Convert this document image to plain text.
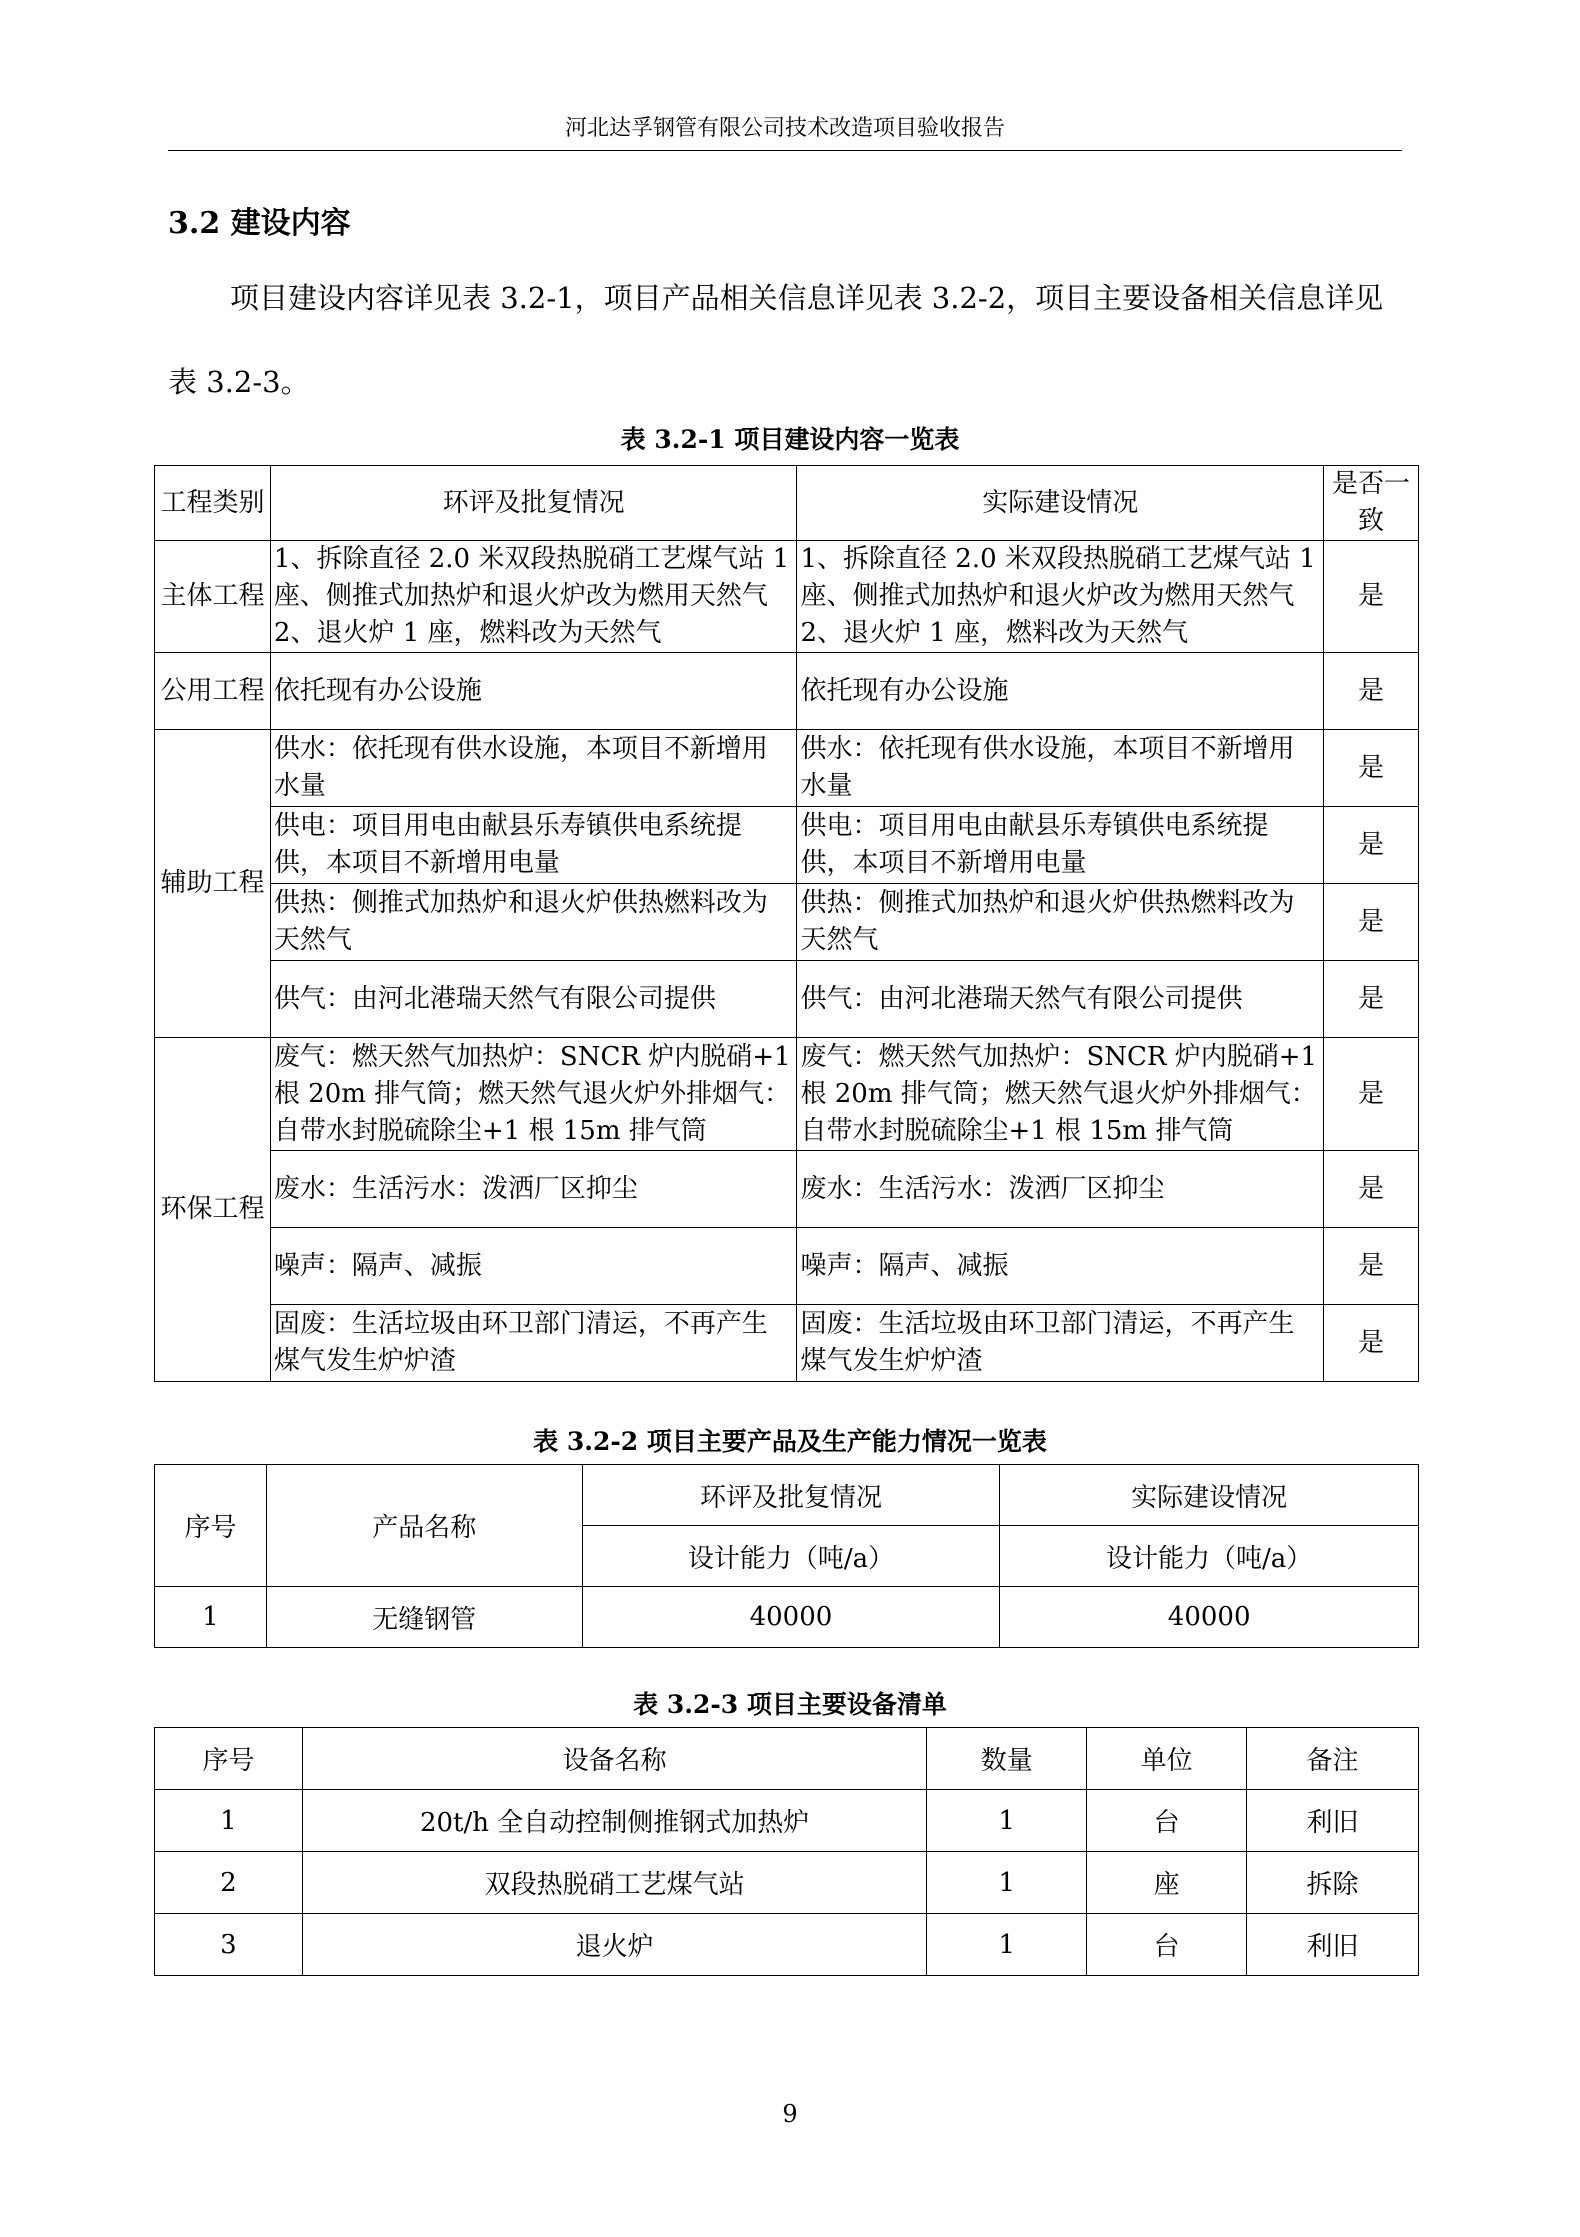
河北达孚钢管有限公司技术改造项目验收报告
3.2 建设内容
项目建设内容详见表 3.2-1，项目产品相关信息详见表 3.2-2，项目主要设备相关信息详见表 3.2-3。
表 3.2-1 项目建设内容一览表
工程类别	环评及批复情况	实际建设情况	是否一致
主体工程	1、拆除直径 2.0 米双段热脱硝工艺煤气站 1 座、侧推式加热炉和退火炉改为燃用天然气 2、退火炉 1 座，燃料改为天然气	1、拆除直径 2.0 米双段热脱硝工艺煤气站 1 座、侧推式加热炉和退火炉改为燃用天然气 2、退火炉 1 座，燃料改为天然气	是
公用工程	依托现有办公设施	依托现有办公设施	是
辅助工程	供水：依托现有供水设施，本项目不新增用水量	供水：依托现有供水设施，本项目不新增用水量	是
	供电：项目用电由献县乐寿镇供电系统提供，本项目不新增用电量	供电：项目用电由献县乐寿镇供电系统提供，本项目不新增用电量	是
	供热：侧推式加热炉和退火炉供热燃料改为天然气	供热：侧推式加热炉和退火炉供热燃料改为天然气	是
	供气：由河北港瑞天然气有限公司提供	供气：由河北港瑞天然气有限公司提供	是
环保工程	废气：燃天然气加热炉：SNCR 炉内脱硝+1 根 20m 排气筒；燃天然气退火炉外排烟气：自带水封脱硫除尘+1 根 15m 排气筒	废气：燃天然气加热炉：SNCR 炉内脱硝+1 根 20m 排气筒；燃天然气退火炉外排烟气：自带水封脱硫除尘+1 根 15m 排气筒	是
	废水：生活污水：泼洒厂区抑尘	废水：生活污水：泼洒厂区抑尘	是
	噪声：隔声、减振	噪声：隔声、减振	是
	固废：生活垃圾由环卫部门清运，不再产生煤气发生炉炉渣	固废：生活垃圾由环卫部门清运，不再产生煤气发生炉炉渣	是
表 3.2-2 项目主要产品及生产能力情况一览表
序号	产品名称	环评及批复情况	实际建设情况
		设计能力（吨/a）	设计能力（吨/a）
1	无缝钢管	40000	40000
表 3.2-3 项目主要设备清单
序号	设备名称	数量	单位	备注
1	20t/h 全自动控制侧推钢式加热炉	1	台	利旧
2	双段热脱硝工艺煤气站	1	座	拆除
3	退火炉	1	台	利旧
9
